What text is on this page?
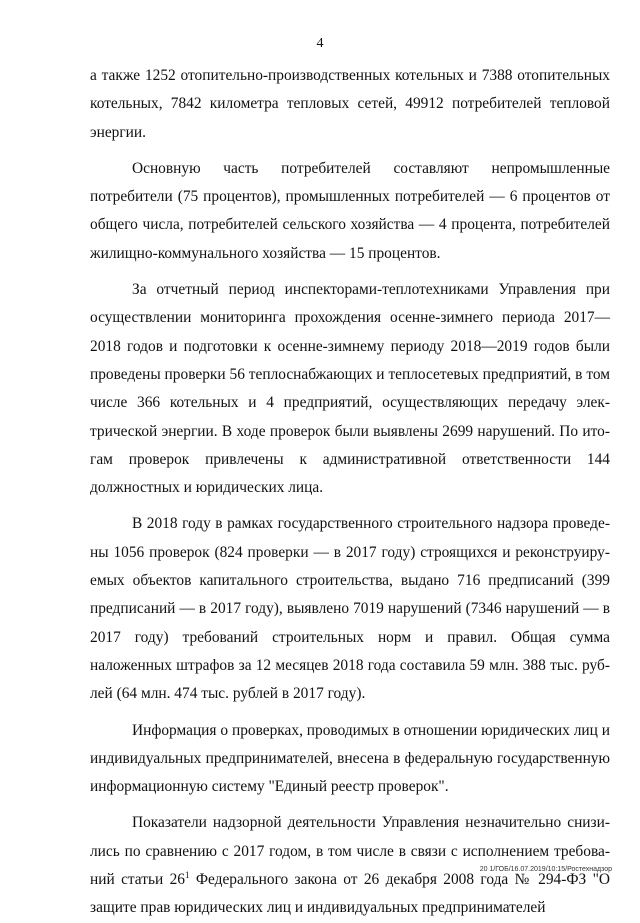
4

а также 1252 отопительно-производственных котельных и 7388 отопительных котельных, 7842 километра тепловых сетей, 49912 потребителей тепловой энергии.

Основную часть потребителей составляют непромышленные потребители (75 процентов), промышленных потребителей — 6 процентов от общего числа, потребителей сельского хозяйства — 4 процента, потребителей жилищно-коммунального хозяйства — 15 процентов.

За отчетный период инспекторами-теплотехниками Управления при осуществлении мониторинга прохождения осенне-зимнего периода 2017—2018 годов и подготовки к осенне-зимнему периоду 2018—2019 годов были проведены проверки 56 теплоснабжающих и теплосетевых предприятий, в том числе 366 котельных и 4 предприятий, осуществляющих передачу электрической энергии. В ходе проверок были выявлены 2699 нарушений. По итогам проверок привлечены к административной ответственности 144 должностных и юридических лица.

В 2018 году в рамках государственного строительного надзора проведены 1056 проверок (824 проверки — в 2017 году) строящихся и реконструируемых объектов капитального строительства, выдано 716 предписаний (399 предписаний — в 2017 году), выявлено 7019 нарушений (7346 нарушений — в 2017 году) требований строительных норм и правил. Общая сумма наложенных штрафов за 12 месяцев 2018 года составила 59 млн. 388 тыс. рублей (64 млн. 474 тыс. рублей в 2017 году).

Информация о проверках, проводимых в отношении юридических лиц и индивидуальных предпринимателей, внесена в федеральную государственную информационную систему "Единый реестр проверок".

Показатели надзорной деятельности Управления незначительно снизились по сравнению с 2017 годом, в том числе в связи с исполнением требований статьи $26^1$ Федерального закона от 26 декабря 2008 года № 294-ФЗ "О защите прав юридических лиц и индивидуальных предпринимателей

20 1/ГОБ/16.07.2019/10:15/Ростехнадзор
